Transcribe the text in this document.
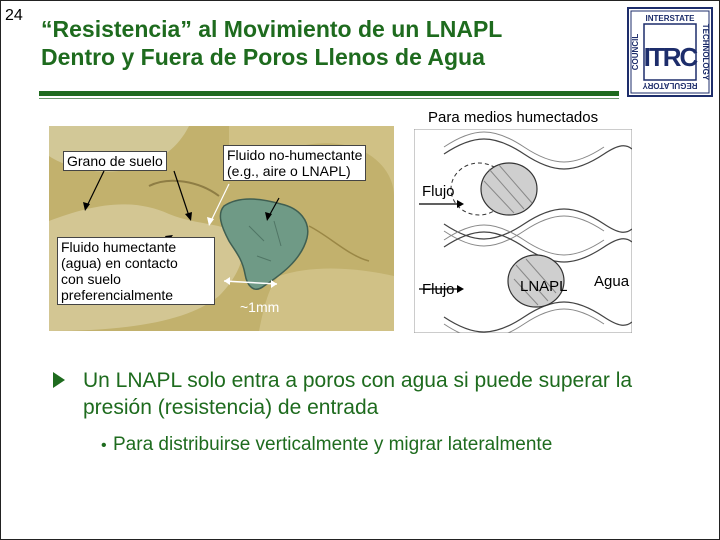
24
“Resistencia” al Movimiento de un LNAPL
Dentro y Fuera de Poros Llenos de Agua
INTERSTATE
REGULATORY
COUNCIL	TECHNOLOGY
ITRC
Grano de suelo	Fluido no-humectante
(e.g., aire o LNAPL)
Fluido humectante
(agua) en contacto
con suelo
preferencialmente
~1mm
Para medios humectados
Flujo
Flujo	LNAPL Agua
Un LNAPL solo entra a poros con agua si puede superar la presión (resistencia) de entrada
• Para distribuirse verticalmente y migrar lateralmente
